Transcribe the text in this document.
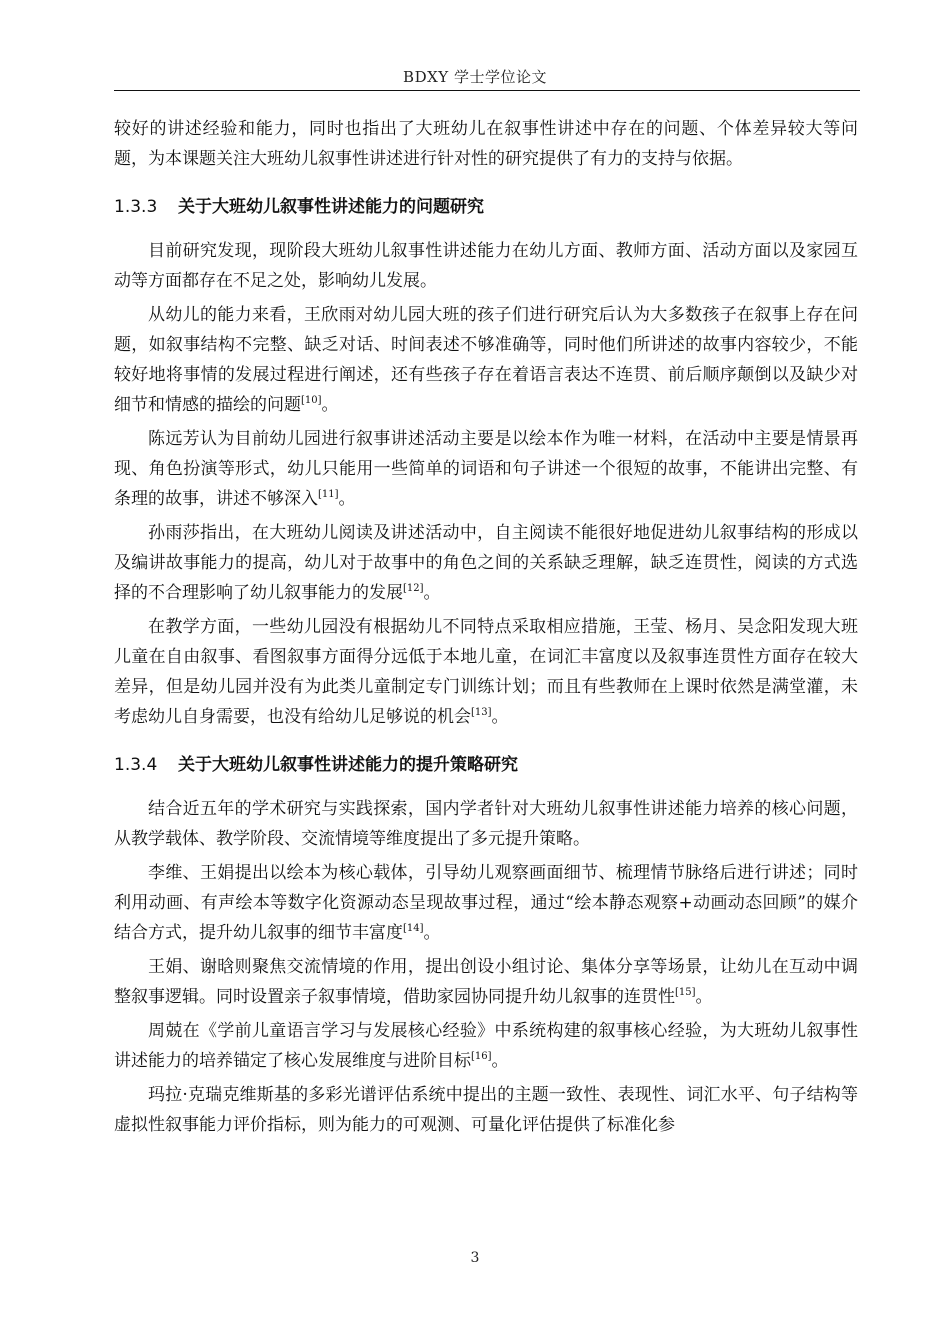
BDXY 学士学位论文

较好的讲述经验和能力，同时也指出了大班幼儿在叙事性讲述中存在的问题、个体差异较大等问题，为本课题关注大班幼儿叙事性讲述进行针对性的研究提供了有力的支持与依据。

1.3.3 关于大班幼儿叙事性讲述能力的问题研究

目前研究发现，现阶段大班幼儿叙事性讲述能力在幼儿方面、教师方面、活动方面以及家园互动等方面都存在不足之处，影响幼儿发展。

从幼儿的能力来看，王欣雨对幼儿园大班的孩子们进行研究后认为大多数孩子在叙事上存在问题，如叙事结构不完整、缺乏对话、时间表述不够准确等，同时他们所讲述的故事内容较少，不能较好地将事情的发展过程进行阐述，还有些孩子存在着语言表达不连贯、前后顺序颠倒以及缺少对细节和情感的描绘的问题[10]。

陈远芳认为目前幼儿园进行叙事讲述活动主要是以绘本作为唯一材料，在活动中主要是情景再现、角色扮演等形式，幼儿只能用一些简单的词语和句子讲述一个很短的故事，不能讲出完整、有条理的故事，讲述不够深入[11]。

孙雨莎指出，在大班幼儿阅读及讲述活动中，自主阅读不能很好地促进幼儿叙事结构的形成以及编讲故事能力的提高，幼儿对于故事中的角色之间的关系缺乏理解，缺乏连贯性，阅读的方式选择的不合理影响了幼儿叙事能力的发展[12]。

在教学方面，一些幼儿园没有根据幼儿不同特点采取相应措施，王莹、杨月、吴念阳发现大班儿童在自由叙事、看图叙事方面得分远低于本地儿童，在词汇丰富度以及叙事连贯性方面存在较大差异，但是幼儿园并没有为此类儿童制定专门训练计划；而且有些教师在上课时依然是满堂灌，未考虑幼儿自身需要，也没有给幼儿足够说的机会[13]。

1.3.4 关于大班幼儿叙事性讲述能力的提升策略研究

结合近五年的学术研究与实践探索，国内学者针对大班幼儿叙事性讲述能力培养的核心问题，从教学载体、教学阶段、交流情境等维度提出了多元提升策略。

李维、王娟提出以绘本为核心载体，引导幼儿观察画面细节、梳理情节脉络后进行讲述；同时利用动画、有声绘本等数字化资源动态呈现故事过程，通过“绘本静态观察+动画动态回顾”的媒介结合方式，提升幼儿叙事的细节丰富度[14]。

王娟、谢晗则聚焦交流情境的作用，提出创设小组讨论、集体分享等场景，让幼儿在互动中调整叙事逻辑。同时设置亲子叙事情境，借助家园协同提升幼儿叙事的连贯性[15]。

周兢在《学前儿童语言学习与发展核心经验》中系统构建的叙事核心经验，为大班幼儿叙事性讲述能力的培养锚定了核心发展维度与进阶目标[16]。

玛拉·克瑞克维斯基的多彩光谱评估系统中提出的主题一致性、表现性、词汇水平、句子结构等虚拟性叙事能力评价指标，则为能力的可观测、可量化评估提供了标准化参

3
